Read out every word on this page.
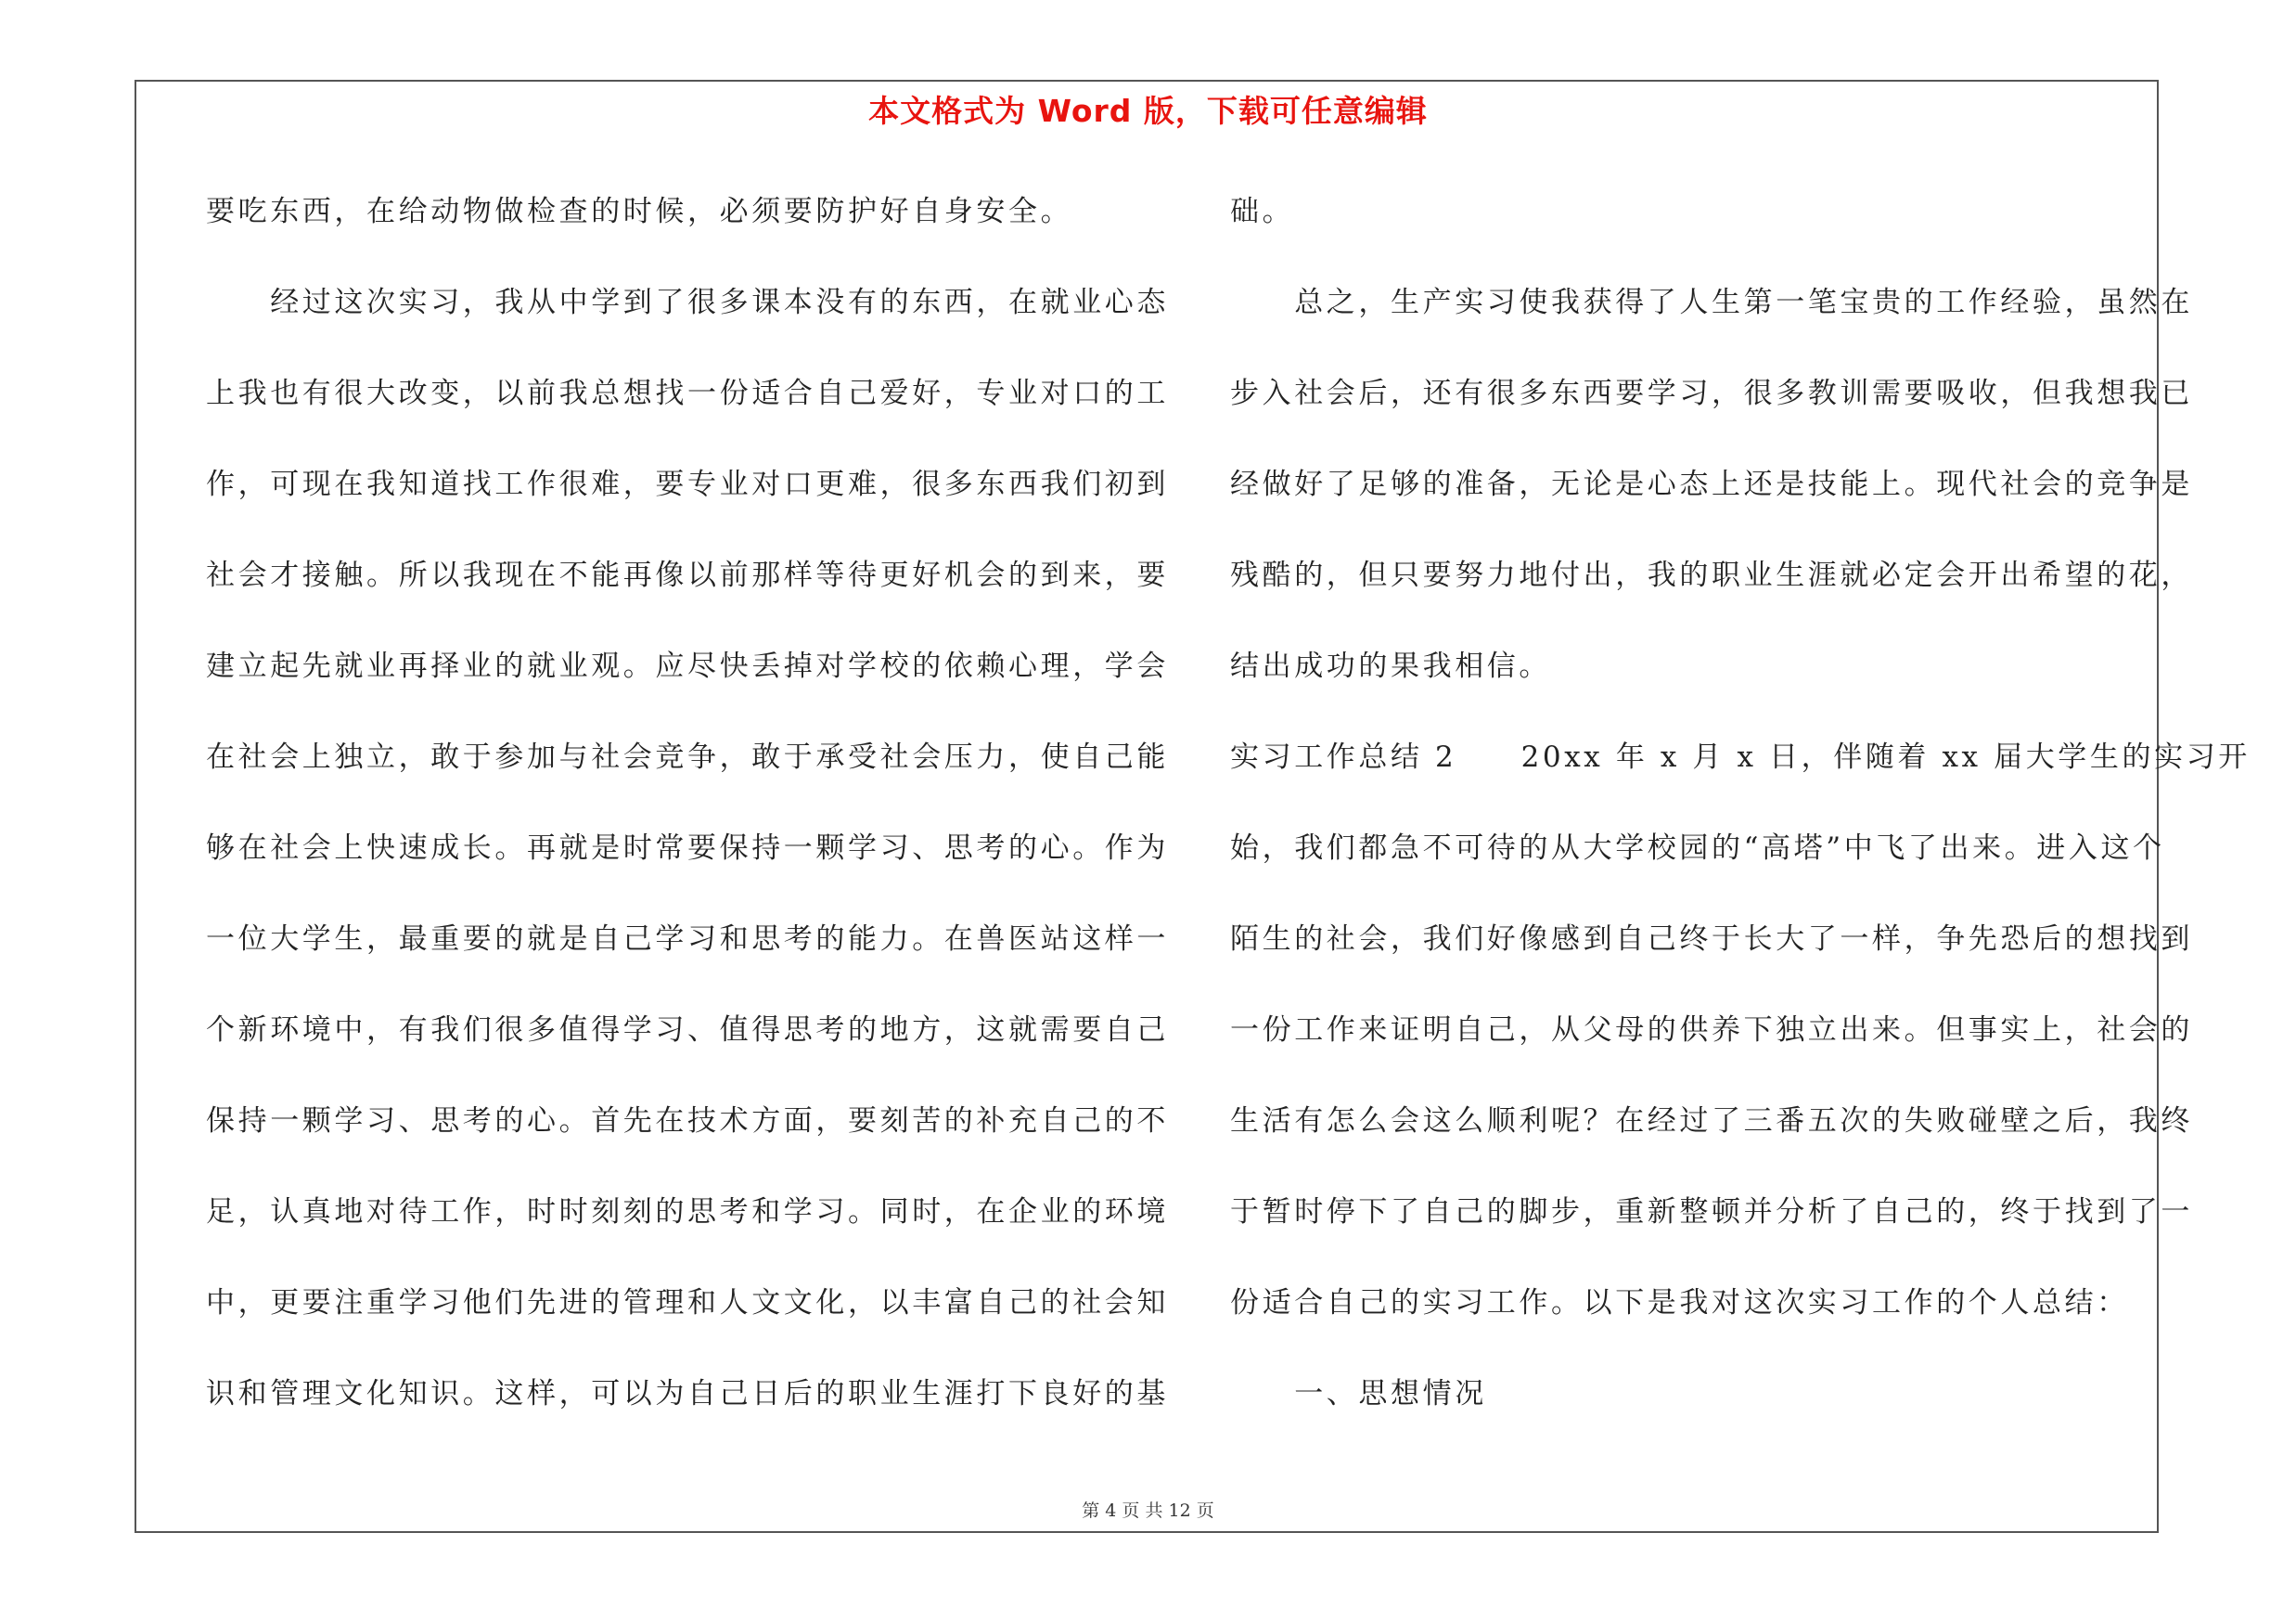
本文格式为 Word 版，下载可任意编辑
要吃东西，在给动物做检查的时候，必须要防护好自身安全。
　　经过这次实习，我从中学到了很多课本没有的东西，在就业心态
上我也有很大改变，以前我总想找一份适合自己爱好，专业对口的工
作，可现在我知道找工作很难，要专业对口更难，很多东西我们初到
社会才接触。所以我现在不能再像以前那样等待更好机会的到来，要
建立起先就业再择业的就业观。应尽快丢掉对学校的依赖心理，学会
在社会上独立，敢于参加与社会竞争，敢于承受社会压力，使自己能
够在社会上快速成长。再就是时常要保持一颗学习、思考的心。作为
一位大学生，最重要的就是自己学习和思考的能力。在兽医站这样一
个新环境中，有我们很多值得学习、值得思考的地方，这就需要自己
保持一颗学习、思考的心。首先在技术方面，要刻苦的补充自己的不
足，认真地对待工作，时时刻刻的思考和学习。同时，在企业的环境
中，更要注重学习他们先进的管理和人文文化，以丰富自己的社会知
识和管理文化知识。这样，可以为自己日后的职业生涯打下良好的基
础。
　　总之，生产实习使我获得了人生第一笔宝贵的工作经验，虽然在
步入社会后，还有很多东西要学习，很多教训需要吸收，但我想我已
经做好了足够的准备，无论是心态上还是技能上。现代社会的竞争是
残酷的，但只要努力地付出，我的职业生涯就必定会开出希望的花，
结出成功的果我相信。
实习工作总结 2　　20xx 年 x 月 x 日，伴随着 xx 届大学生的实习开
始，我们都急不可待的从大学校园的“高塔”中飞了出来。进入这个
陌生的社会，我们好像感到自己终于长大了一样，争先恐后的想找到
一份工作来证明自己，从父母的供养下独立出来。但事实上，社会的
生活有怎么会这么顺利呢？在经过了三番五次的失败碰壁之后，我终
于暂时停下了自己的脚步，重新整顿并分析了自己的，终于找到了一
份适合自己的实习工作。以下是我对这次实习工作的个人总结：
　　一、思想情况
第 4 页 共 12 页
